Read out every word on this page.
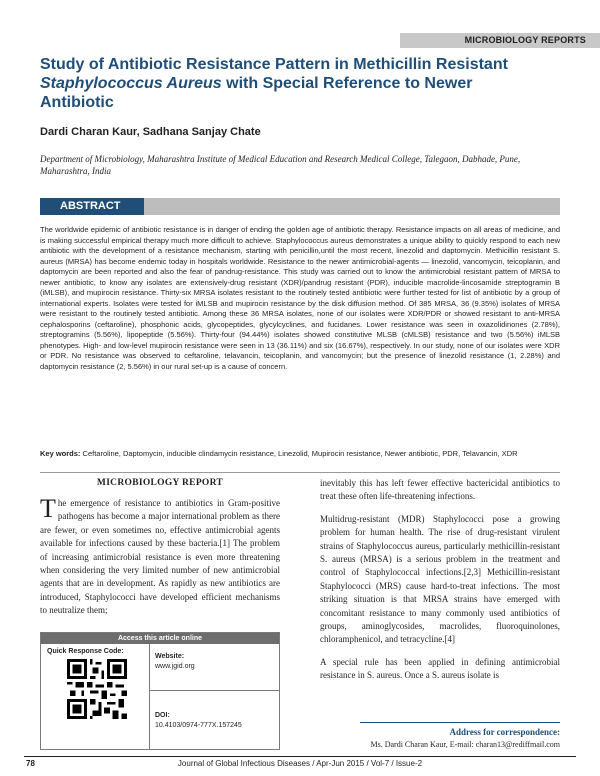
MICROBIOLOGY REPORTS
Study of Antibiotic Resistance Pattern in Methicillin Resistant
Staphylococcus Aureus with Special Reference to Newer
Antibiotic
Dardi Charan Kaur, Sadhana Sanjay Chate
Department of Microbiology, Maharashtra Institute of Medical Education and Research Medical College, Talegaon, Dabhade, Pune, Maharashtra, India
ABSTRACT
The worldwide epidemic of antibiotic resistance is in danger of ending the golden age of antibiotic therapy. Resistance impacts on all areas of medicine, and is making successful empirical therapy much more difficult to achieve. Staphylococcus aureus demonstrates a unique ability to quickly respond to each new antibiotic with the development of a resistance mechanism, starting with penicillin,until the most recent, linezolid and daptomycin. Methicillin resistant S. aureus (MRSA) has become endemic today in hospitals worldwide. Resistance to the newer antimicrobial-agents — linezolid, vancomycin, teicoplanin, and daptomycin are been reported and also the fear of pandrug-resistance. This study was carried out to know the antimicrobial resistant pattern of MRSA to newer antibiotic, to know any isolates are extensively-drug resistant (XDR)/pandrug resistant (PDR), inducible macrolide-lincosamide streptogramin B (iMLSB), and mupirocin resistance. Thirty-six MRSA isolates resistant to the routinely tested antibiotic were further tested for list of antibiotic by a group of international experts. Isolates were tested for iMLSB and mupirocin resistance by the disk diffusion method. Of 385 MRSA, 36 (9.35%) isolates of MRSA were resistant to the routinely tested antibiotic. Among these 36 MRSA isolates, none of our isolates were XDR/PDR or showed resistant to anti-MRSA cephalosporins (ceftaroline), phosphonic acids, glycopeptides, glycylcyclines, and fucidanes. Lower resistance was seen in oxazolidinones (2.78%), streptogramins (5.56%), lipopeptide (5.56%). Thirty-four (94.44%) isolates showed constitutive MLSB (cMLSB) resistance and two (5.56%) iMLSB phenotypes. High- and low-level mupirocin resistance were seen in 13 (36.11%) and six (16.67%), respectively. In our study, none of our isolates were XDR or PDR. No resistance was observed to ceftaroline, telavancin, teicoplanin, and vancomycin; but the presence of linezolid resistance (1, 2.28%) and daptomycin resistance (2, 5.56%) in our rural set-up is a cause of concern.
Key words: Ceftaroline, Daptomycin, inducible clindamycin resistance, Linezolid, Mupirocin resistance, Newer antibiotic, PDR, Telavancin, XDR
MICROBIOLOGY REPORT

The emergence of resistance to antibiotics in Gram-positive pathogens has become a major international problem as there are fewer, or even sometimes no, effective antimicrobial agents available for infections caused by these bacteria.[1] The problem of increasing antimicrobial resistance is even more threatening when considering the very limited number of new antimicrobial agents that are in development. As rapidly as new antibiotics are introduced, Staphylococci have developed efficient mechanisms to neutralize them;

inevitably this has left fewer effective bactericidal antibiotics to treat these often life-threatening infections.

Multidrug-resistant (MDR) Staphylococci pose a growing problem for human health. The rise of drug-resistant virulent strains of Staphylococcus aureus, particularly methicillin-resistant S. aureus (MRSA) is a serious problem in the treatment and control of Staphylococcal infections.[2,3] Methicillin-resistant Staphylococci (MRS) cause hard-to-treat infections. The most striking situation is that MRSA strains have emerged with concomitant resistance to many commonly used antibiotics of groups, aminoglycosides, macrolides, fluoroquinolones, chloramphenicol, and tetracycline.[4]

A special rule has been applied in defining antimicrobial resistance in S. aureus. Once a S. aureus isolate is

Access this article online
Quick Response Code:
Website:
www.jgid.org
DOI:
10.4103/0974-777X.157245
Address for correspondence:
Ms. Dardi Charan Kaur, E-mail: charan13@rediffmail.com
Journal of Global Infectious Diseases / Apr-Jun 2015 / Vol-7 / Issue-2
78
